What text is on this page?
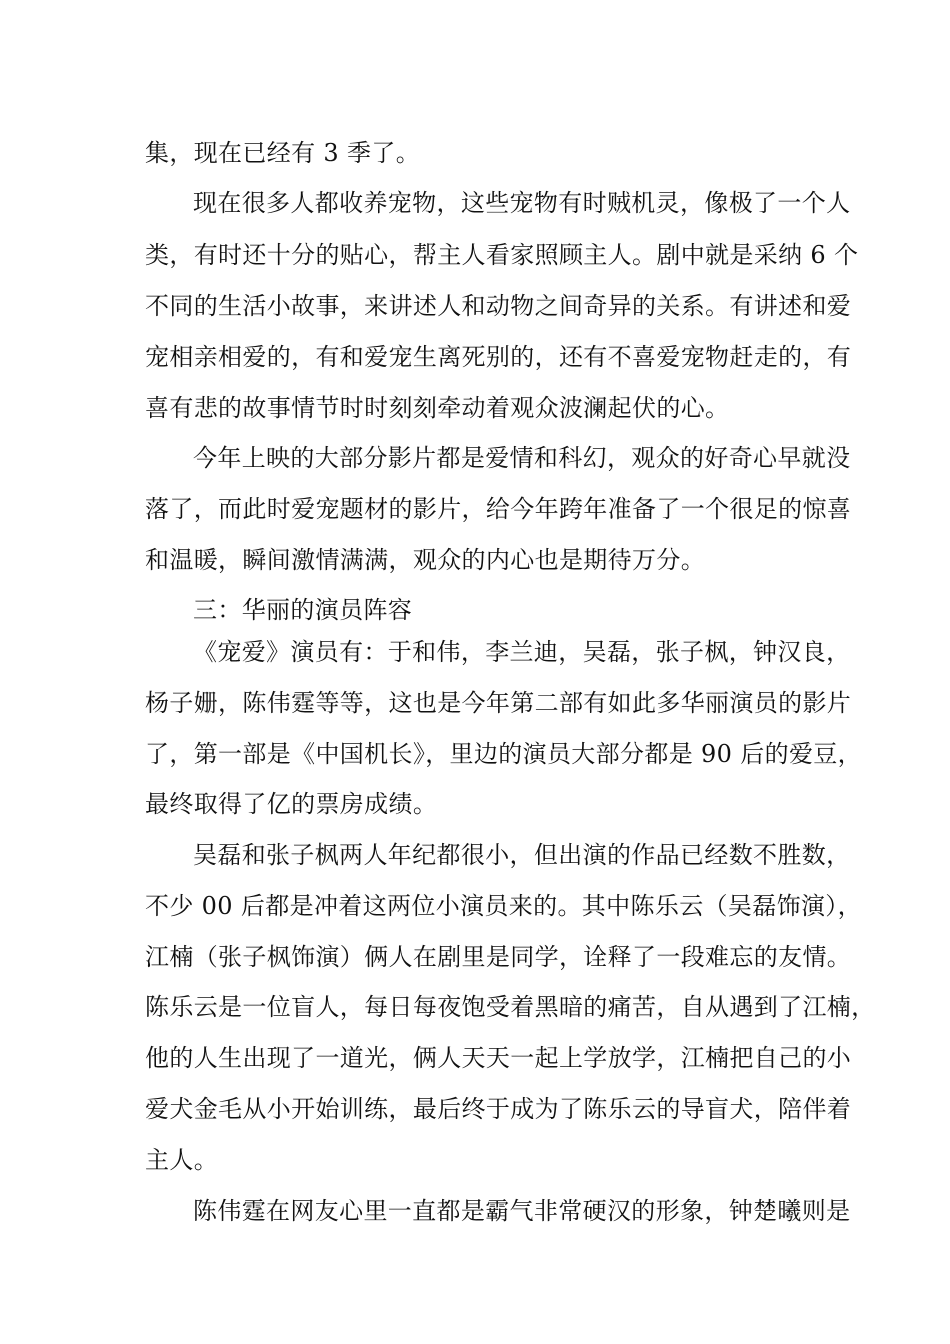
集，现在已经有 3 季了。
现在很多人都收养宠物，这些宠物有时贼机灵，像极了一个人
类，有时还十分的贴心，帮主人看家照顾主人。剧中就是采纳 6 个
不同的生活小故事，来讲述人和动物之间奇异的关系。有讲述和爱
宠相亲相爱的，有和爱宠生离死别的，还有不喜爱宠物赶走的，有
喜有悲的故事情节时时刻刻牵动着观众波澜起伏的心。
今年上映的大部分影片都是爱情和科幻，观众的好奇心早就没
落了，而此时爱宠题材的影片，给今年跨年准备了一个很足的惊喜
和温暖，瞬间激情满满，观众的内心也是期待万分。
三：华丽的演员阵容
《宠爱》演员有：于和伟，李兰迪，吴磊，张子枫，钟汉良，
杨子姗，陈伟霆等等，这也是今年第二部有如此多华丽演员的影片
了，第一部是《中国机长》，里边的演员大部分都是 90 后的爱豆，
最终取得了亿的票房成绩。
吴磊和张子枫两人年纪都很小，但出演的作品已经数不胜数，
不少 00 后都是冲着这两位小演员来的。其中陈乐云（吴磊饰演），
江楠（张子枫饰演）俩人在剧里是同学，诠释了一段难忘的友情。
陈乐云是一位盲人，每日每夜饱受着黑暗的痛苦，自从遇到了江楠，
他的人生出现了一道光，俩人天天一起上学放学，江楠把自己的小
爱犬金毛从小开始训练，最后终于成为了陈乐云的导盲犬，陪伴着
主人。
陈伟霆在网友心里一直都是霸气非常硬汉的形象，钟楚曦则是
